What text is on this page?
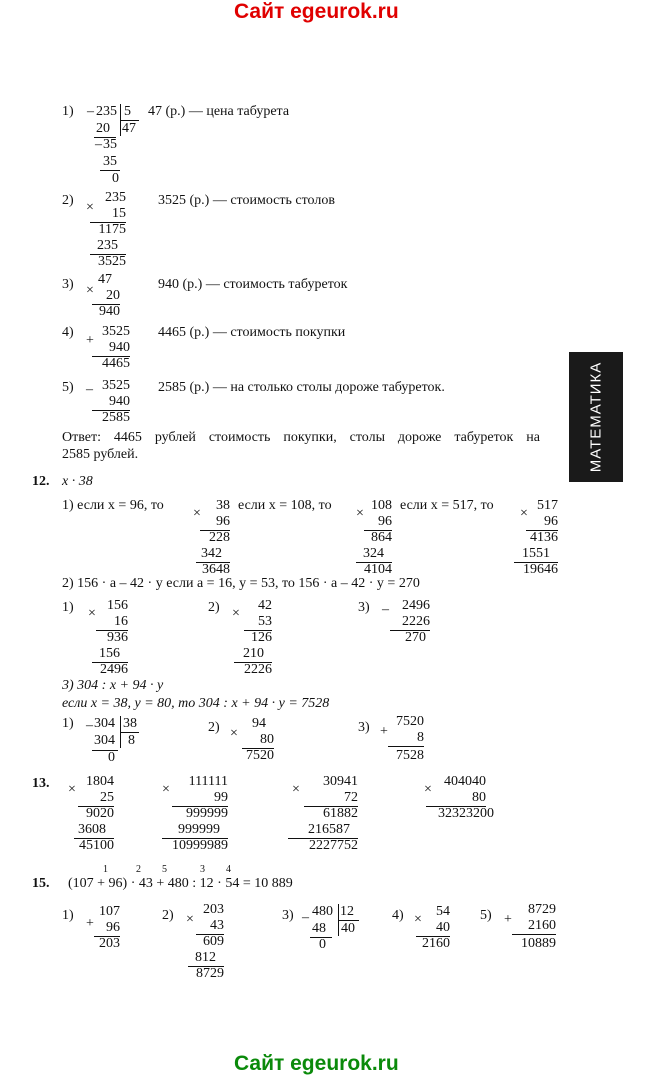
Сайт egeurok.ru
Сайт egeurok.ru
МАТЕМАТИКА
1) – 235 5
47
20
– 35
35
0
47 (р.) — цена табурета
2) ×
235
15
1175
235
3525
3525 (р.) — стоимость столов
3) ×
47
20
940
940 (р.) — стоимость табуреток
4)
+
3525
940
4465
4465 (р.) — стоимость покупки
5) – 3525
940
2585
2585 (р.) — на столько столы дороже табуреток.
Ответ: 4465 рублей стоимость покупки, столы дороже табуреток на
2585 рублей.
12. x · 38
1) если x = 96, то
×
38
96
228
342
3648
если x = 108, то
×
108
96
864
324
4104
если x = 517, то
×
517
96
4136
1551
19646
2) 156 · a – 42 · y если a = 16, y = 53, то 156 · a – 42 · y = 270
1) ×
156
16
936
156
2496
2) ×
42
53
126
210
2226
3) – 2496
2226
270
3) 304 : x + 94 · y
если x = 38, y = 80, то 304 : x + 94 · y = 7528
1) – 304 38
8
304
0
2) ×
94
80
7520
3) +
7520
8
7528
13. ×
1804
25
9020
3608
45100
×
111111
99
999999
999999
10999989
×
30941
72
61882
216587
2227752
×
404040
80
32323200
15. (107 + 96) · 43 + 480 : 12 · 54 = 10 889
1	2 5	3 4
1)
+
107
96
203
2) ×
203
43
609
812
8729
3) – 480 12
40
48
0
4) ×
54
40
2160
5) +
8729
2160
10889
